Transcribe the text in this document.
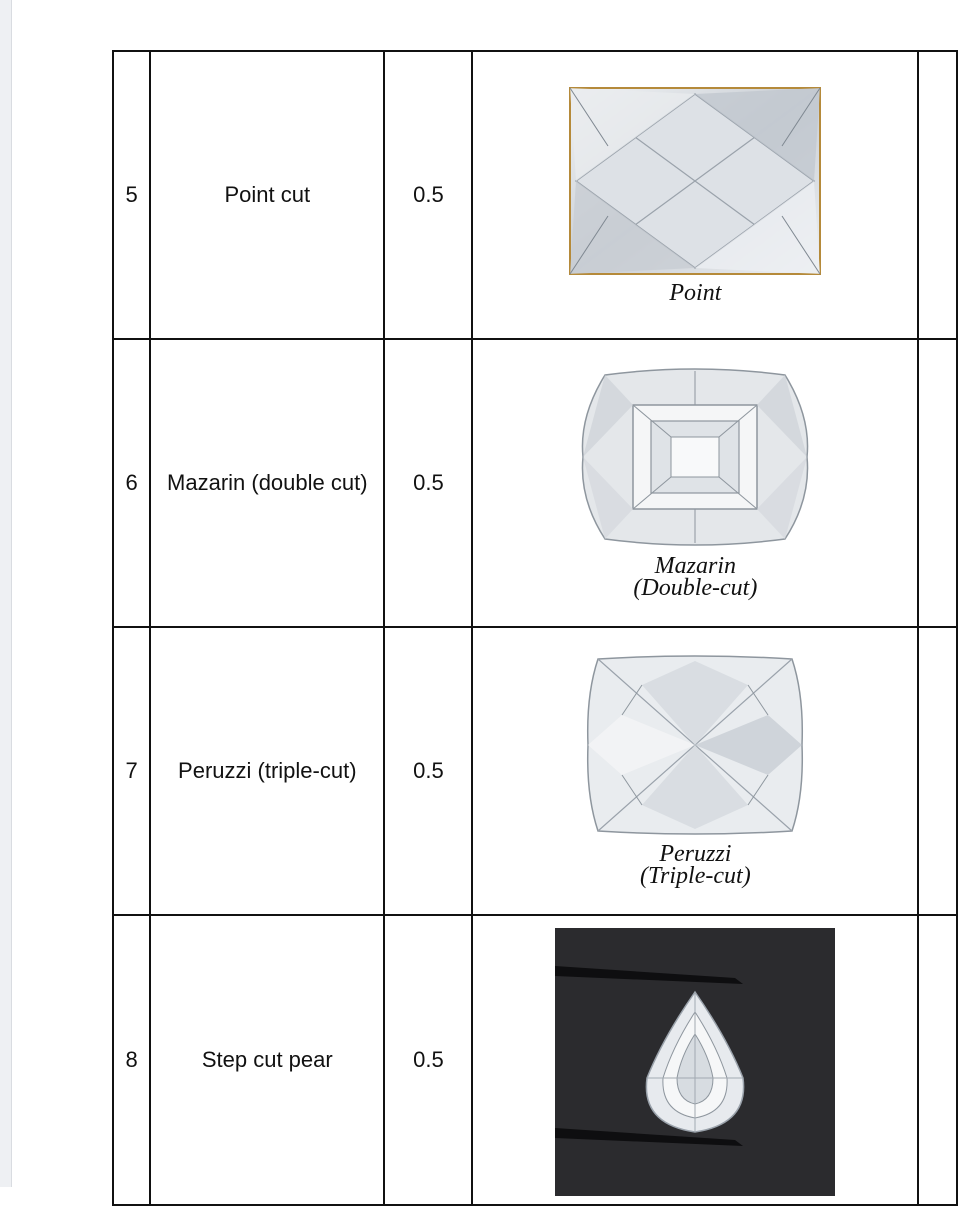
5	Point cut	0.5	Point	

6	Mazarin (double cut)	0.5	Mazarin
(Double-cut)	

7	Peruzzi (triple-cut)	0.5	Peruzzi
(Triple-cut)	

8	Step cut pear	0.5	
